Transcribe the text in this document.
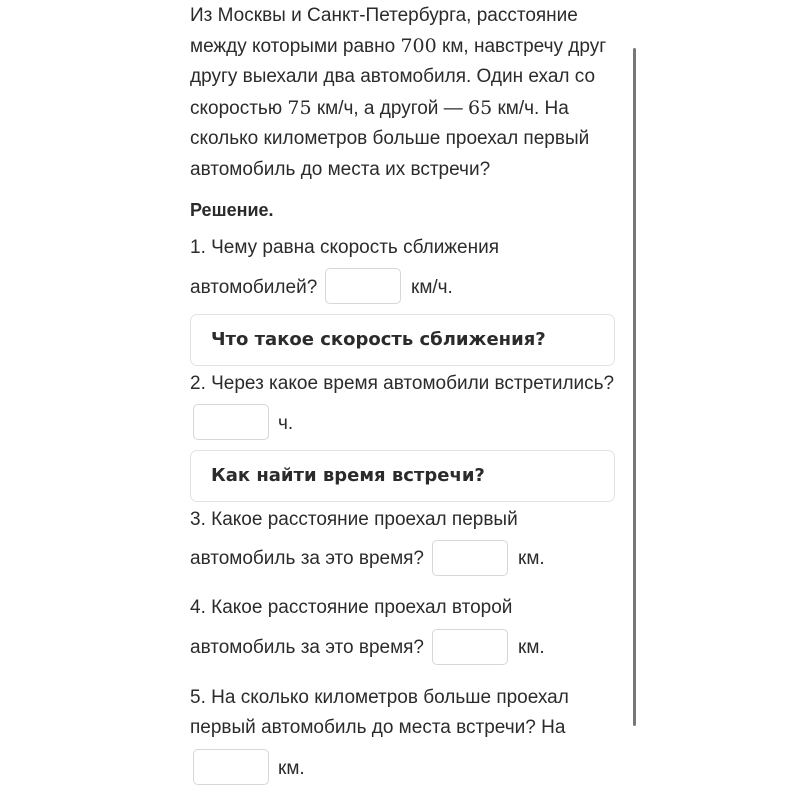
Из Москвы и Санкт-Петербурга, расстояние
между которыми равно 700 км, навстречу друг
другу выехали два автомобиля. Один ехал со
скоростью 75 км/ч, а другой — 65 км/ч. На
сколько километров больше проехал первый
автомобиль до места их встречи?
Решение.
1. Чему равна скорость сближения
автомобилей?	км/ч.
Что такое скорость сближения?
2. Через какое время автомобили встретились?
ч.
Как найти время встречи?
3. Какое расстояние проехал первый
автомобиль за это время?	км.
4. Какое расстояние проехал второй
автомобиль за это время?	км.
5. На сколько километров больше проехал
первый автомобиль до места встречи? На
км.
